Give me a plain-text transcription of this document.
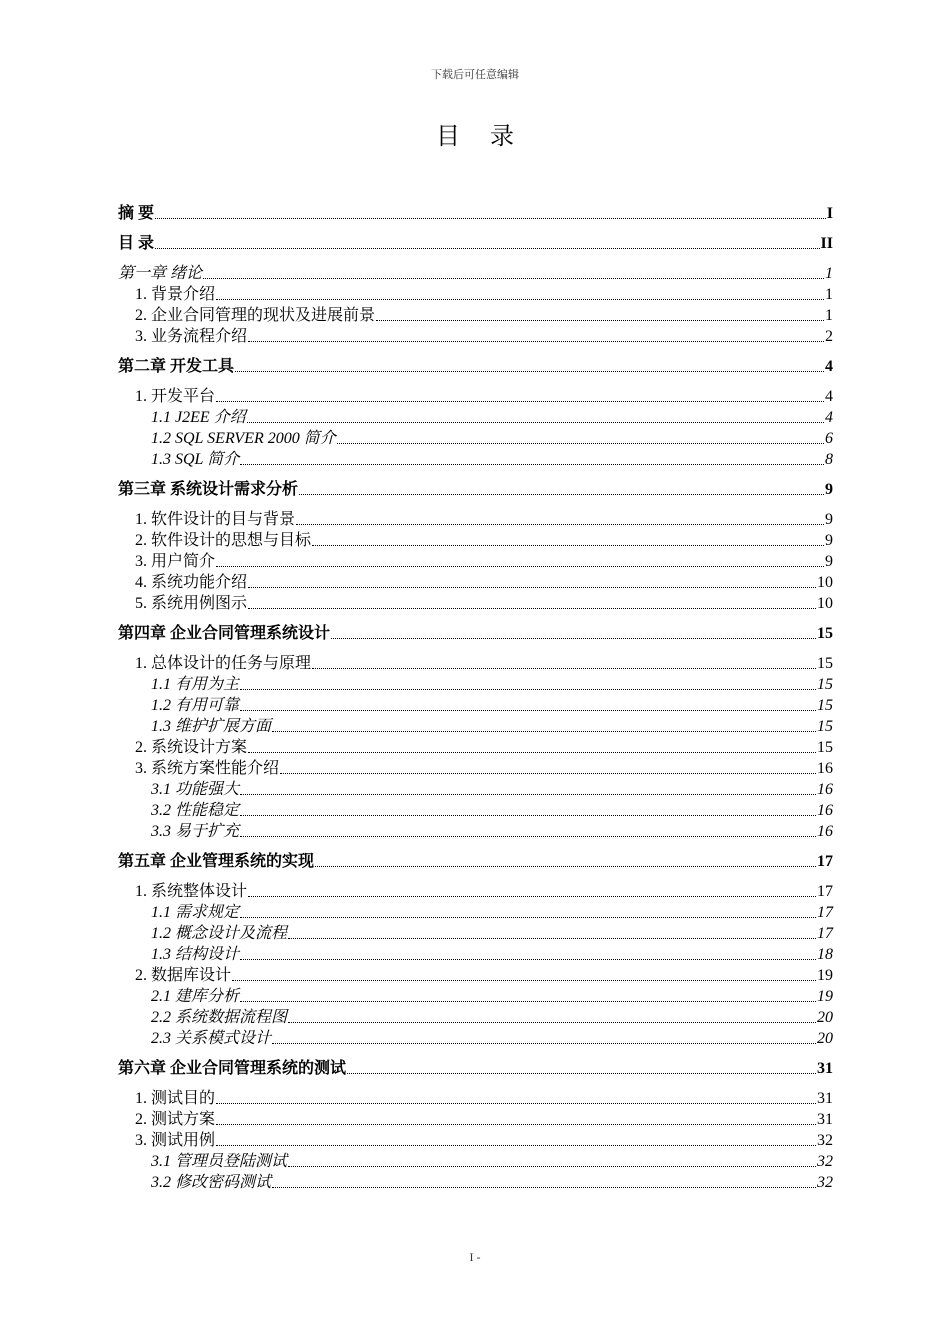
下载后可任意编辑
目录
摘 要	I
目 录	II
第一章 绪论	1
1. 背景介绍	1
2. 企业合同管理的现状及进展前景	1
3. 业务流程介绍	2
第二章 开发工具	4
1. 开发平台	4
1.1 J2EE 介绍	4
1.2 SQL SERVER 2000 简介	6
1.3 SQL 简介	8
第三章 系统设计需求分析	9
1. 软件设计的目与背景	9
2. 软件设计的思想与目标	9
3. 用户简介	9
4. 系统功能介绍	10
5. 系统用例图示	10
第四章 企业合同管理系统设计	15
1. 总体设计的任务与原理	15
1.1 有用为主	15
1.2 有用可靠	15
1.3 维护扩展方面	15
2. 系统设计方案	15
3. 系统方案性能介绍	16
3.1 功能强大	16
3.2 性能稳定	16
3.3 易于扩充	16
第五章 企业管理系统的实现	17
1. 系统整体设计	17
1.1 需求规定	17
1.2 概念设计及流程	17
1.3 结构设计	18
2. 数据库设计	19
2.1 建库分析	19
2.2 系统数据流程图	20
2.3 关系模式设计	20
第六章 企业合同管理系统的测试	31
1. 测试目的	31
2. 测试方案	31
3. 测试用例	32
3.1 管理员登陆测试	32
3.2 修改密码测试	32
I -
